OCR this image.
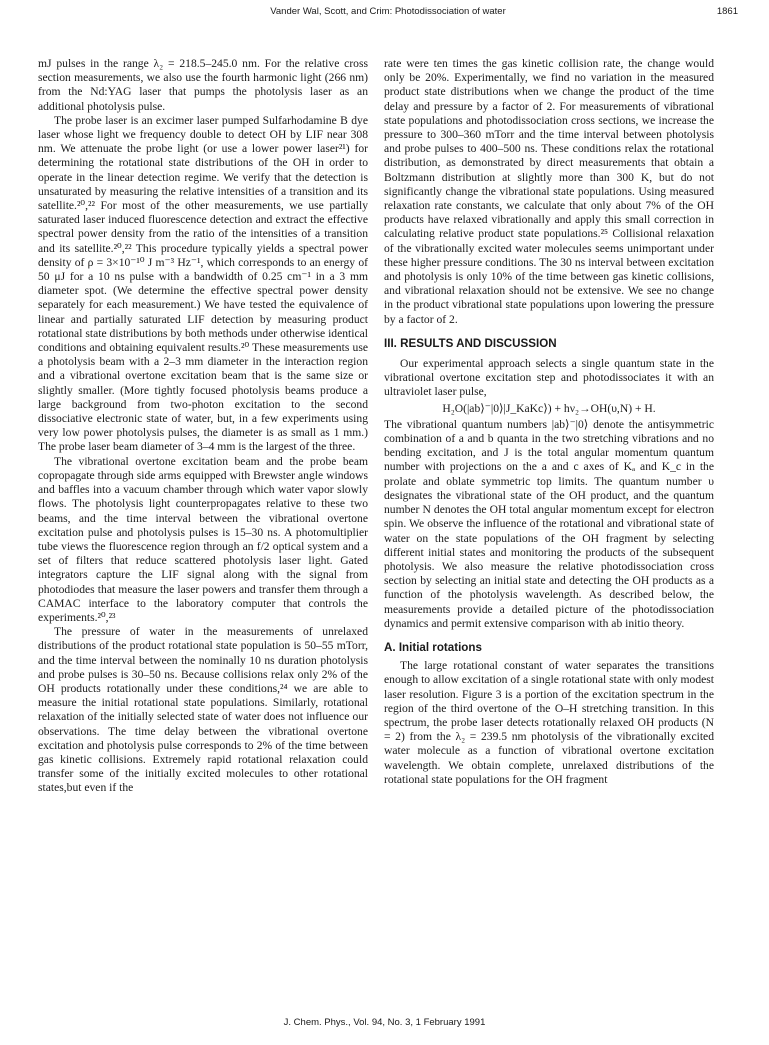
Vander Wal, Scott, and Crim: Photodissociation of water	1861

mJ pulses in the range λ₂ = 218.5–245.0 nm. For the relative cross section measurements, we also use the fourth harmonic light (266 nm) from the Nd:YAG laser that pumps the photolysis laser as an additional photolysis pulse.

The probe laser is an excimer laser pumped Sulfarhodamine B dye laser whose light we frequency double to detect OH by LIF near 308 nm. We attenuate the probe light (or use a lower power laser²¹) for determining the rotational state distributions of the OH in order to operate in the linear detection regime. We verify that the detection is unsaturated by measuring the relative intensities of a transition and its satellite.²⁰,²² For most of the other measurements, we use partially saturated laser induced fluorescence detection and extract the effective spectral power density from the ratio of the intensities of a transition and its satellite.²⁰,²² This procedure typically yields a spectral power density of ρ = 3×10⁻¹⁰ J m⁻³ Hz⁻¹, which corresponds to an energy of 50 μJ for a 10 ns pulse with a bandwidth of 0.25 cm⁻¹ in a 3 mm diameter spot. (We determine the effective spectral power density separately for each measurement.) We have tested the equivalence of linear and partially saturated LIF detection by measuring product rotational state distributions by both methods under otherwise identical conditions and obtaining equivalent results.²⁰ These measurements use a photolysis beam with a 2–3 mm diameter in the interaction region and a vibrational overtone excitation beam that is the same size or slightly smaller. (More tightly focused photolysis beams produce a large background from two-photon excitation to the second dissociative electronic state of water, but, in a few experiments using very low power photolysis pulses, the diameter is as small as 1 mm.) The probe laser beam diameter of 3–4 mm is the largest of the three.

The vibrational overtone excitation beam and the probe beam copropagate through side arms equipped with Brewster angle windows and baffles into a vacuum chamber through which water vapor slowly flows. The photolysis light counterpropagates relative to these two beams, and the time interval between the vibrational overtone excitation pulse and photolysis pulses is 15–30 ns. A photomultiplier tube views the fluorescence region through an f/2 optical system and a set of filters that reduce scattered photolysis laser light. Gated integrators capture the LIF signal along with the signal from photodiodes that measure the laser powers and transfer them through a CAMAC interface to the laboratory computer that controls the experiments.²⁰,²³

The pressure of water in the measurements of unrelaxed distributions of the product rotational state population is 50–55 mTorr, and the time interval between the nominally 10 ns duration photolysis and probe pulses is 30–50 ns. Because collisions relax only 2% of the OH products rotationally under these conditions,²⁴ we are able to measure the initial rotational state populations. Similarly, rotational relaxation of the initially selected state of water does not influence our observations. The time delay between the vibrational overtone excitation and photolysis pulse corresponds to 2% of the time between gas kinetic collisions. Extremely rapid rotational relaxation could transfer some of the initially excited molecules to other rotational states,but even if the

rate were ten times the gas kinetic collision rate, the change would only be 20%. Experimentally, we find no variation in the measured product state distributions when we change the product of the time delay and pressure by a factor of 2. For measurements of vibrational state populations and photodissociation cross sections, we increase the pressure to 300–360 mTorr and the time interval between photolysis and probe pulses to 400–500 ns. These conditions relax the rotational distribution, as demonstrated by direct measurements that obtain a Boltzmann distribution at slightly more than 300 K, but do not significantly change the vibrational state populations. Using measured relaxation rate constants, we calculate that only about 7% of the OH products have relaxed vibrationally and apply this small correction in calculating relative product state populations.²⁵ Collisional relaxation of the vibrationally excited water molecules seems unimportant under these higher pressure conditions. The 30 ns interval between excitation and photolysis is only 10% of the time between gas kinetic collisions, and vibrational relaxation should not be extensive. We see no change in the product vibrational state populations upon lowering the pressure by a factor of 2.

III. RESULTS AND DISCUSSION

Our experimental approach selects a single quantum state in the vibrational overtone excitation step and photodissociates it with an ultraviolet laser pulse,

H₂O(|ab⟩⁻|0⟩|J_KaKc⟩) + hν₂→OH(υ,N) + H.

The vibrational quantum numbers |ab⟩⁻|0⟩ denote the antisymmetric combination of a and b quanta in the two stretching vibrations and no bending excitation, and J is the total angular momentum quantum number with projections on the a and c axes of Kₐ and K_c in the prolate and oblate symmetric top limits. The quantum number υ designates the vibrational state of the OH product, and the quantum number N denotes the OH total angular momentum except for electron spin. We observe the influence of the rotational and vibrational state of water on the state populations of the OH fragment by selecting different initial states and monitoring the products of the subsequent photolysis. We also measure the relative photodissociation cross section by selecting an initial state and detecting the OH products as a function of the photolysis wavelength. As described below, the measurements provide a detailed picture of the photodissociation dynamics and permit extensive comparison with ab initio theory.

A. Initial rotations

The large rotational constant of water separates the transitions enough to allow excitation of a single rotational state with only modest laser resolution. Figure 3 is a portion of the excitation spectrum in the region of the third overtone of the O–H stretching transition. In this spectrum, the probe laser detects rotationally relaxed OH products (N = 2) from the λ₂ = 239.5 nm photolysis of the vibrationally excited water molecule as a function of vibrational overtone excitation wavelength. We obtain complete, unrelaxed distributions of the rotational state populations for the OH fragment

J. Chem. Phys., Vol. 94, No. 3, 1 February 1991
